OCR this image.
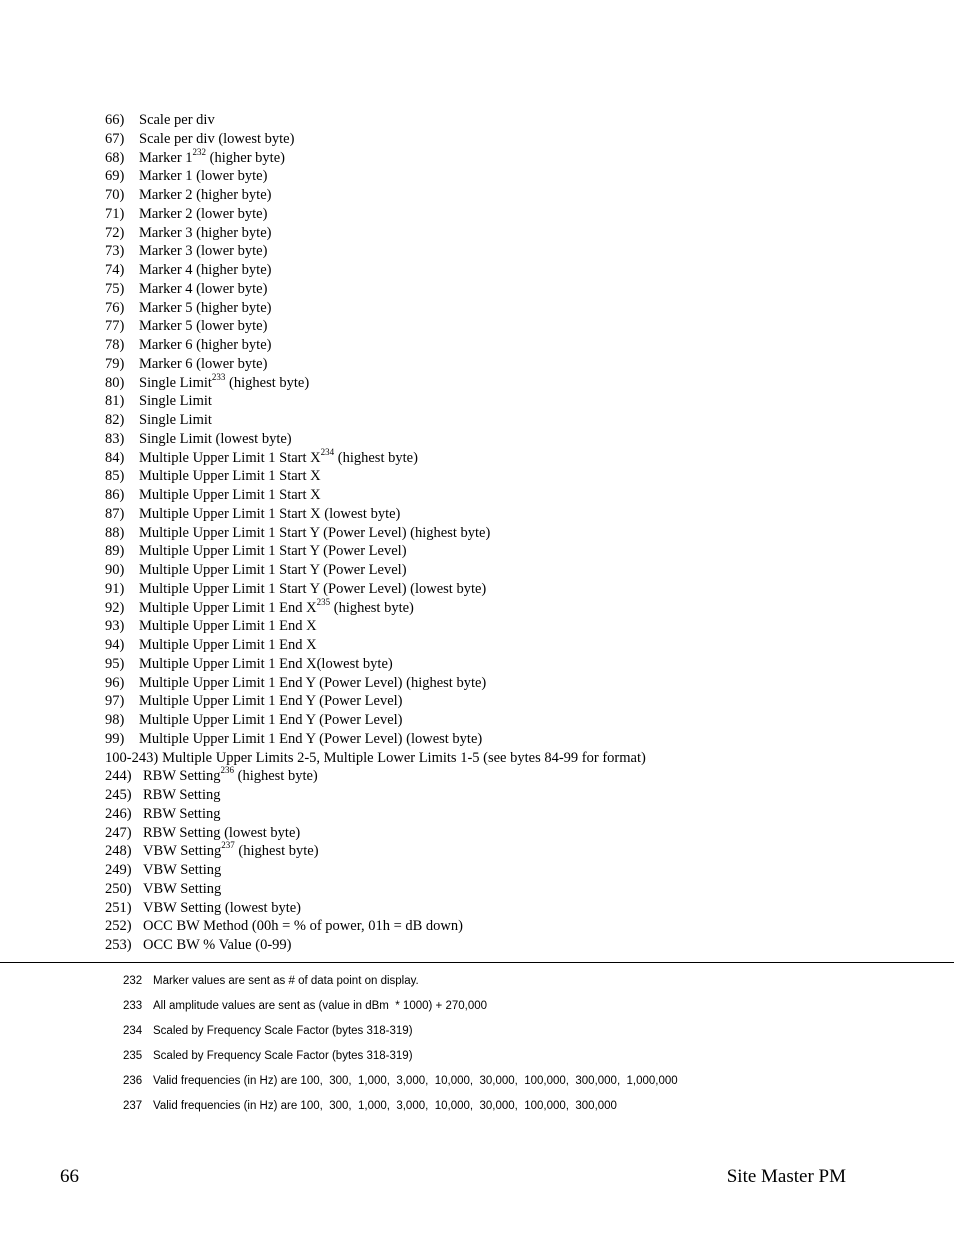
66)	Scale per div
67)	Scale per div (lowest byte)
68)	Marker $1^{232}$ (higher byte)
69)	Marker 1 (lower byte)
70)	Marker 2 (higher byte)
71)	Marker 2 (lower byte)
72)	Marker 3 (higher byte)
73)	Marker 3 (lower byte)
74)	Marker 4 (higher byte)
75)	Marker 4 (lower byte)
76)	Marker 5 (higher byte)
77)	Marker 5 (lower byte)
78)	Marker 6 (higher byte)
79)	Marker 6 (lower byte)
80)	Single Limit$^{233}$ (highest byte)
81)	Single Limit
82)	Single Limit
83)	Single Limit (lowest byte)
84)	Multiple Upper Limit 1 Start $X^{234}$ (highest byte)
85)	Multiple Upper Limit 1 Start X
86)	Multiple Upper Limit 1 Start X
87)	Multiple Upper Limit 1 Start X (lowest byte)
88)	Multiple Upper Limit 1 Start Y (Power Level) (highest byte)
89)	Multiple Upper Limit 1 Start Y (Power Level)
90)	Multiple Upper Limit 1 Start Y (Power Level)
91)	Multiple Upper Limit 1 Start Y (Power Level) (lowest byte)
92)	Multiple Upper Limit 1 End $X^{235}$ (highest byte)
93)	Multiple Upper Limit 1 End X
94)	Multiple Upper Limit 1 End X
95)	Multiple Upper Limit 1 End X(lowest byte)
96)	Multiple Upper Limit 1 End Y (Power Level) (highest byte)
97)	Multiple Upper Limit 1 End Y (Power Level)
98)	Multiple Upper Limit 1 End Y (Power Level)
99)	Multiple Upper Limit 1 End Y (Power Level) (lowest byte)
100-243) Multiple Upper Limits 2-5, Multiple Lower Limits 1-5 (see bytes 84-99 for format)
244) RBW Setting$^{236}$ (highest byte)
245) RBW Setting
246) RBW Setting
247) RBW Setting (lowest byte)
248) VBW Setting$^{237}$ (highest byte)
249) VBW Setting
250) VBW Setting
251) VBW Setting (lowest byte)
252) OCC BW Method (00h = % of power, 01h = dB down)
253) OCC BW % Value (0-99)
232 Marker values are sent as # of data point on display.
233 All amplitude values are sent as (value in dBm  * 1000) + 270,000
234 Scaled by Frequency Scale Factor (bytes 318-319)
235 Scaled by Frequency Scale Factor (bytes 318-319)
236 Valid frequencies (in Hz) are 100,  300,  1,000,  3,000,  10,000,  30,000,  100,000,  300,000,  1,000,000
237 Valid frequencies (in Hz) are 100,  300,  1,000,  3,000,  10,000,  30,000,  100,000,  300,000
66	Site Master PM
